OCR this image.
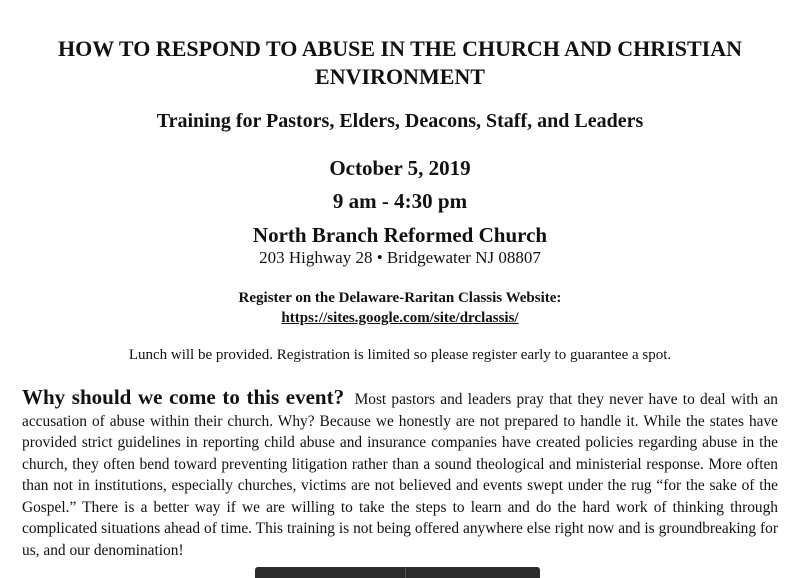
HOW TO RESPOND TO ABUSE IN THE CHURCH AND CHRISTIAN ENVIRONMENT
Training for Pastors, Elders, Deacons, Staff, and Leaders
October 5, 2019
9 am - 4:30 pm
North Branch Reformed Church
203 Highway 28 • Bridgewater NJ 08807
Register on the Delaware-Raritan Classis Website:
https://sites.google.com/site/drclassis/
Lunch will be provided. Registration is limited so please register early to guarantee a spot.
Why should we come to this event? Most pastors and leaders pray that they never have to deal with an accusation of abuse within their church. Why? Because we honestly are not prepared to handle it. While the states have provided strict guidelines in reporting child abuse and insurance companies have created policies regarding abuse in the church, they often bend toward preventing litigation rather than a sound theological and ministerial response. More often than not in institutions, especially churches, victims are not believed and events swept under the rug “for the sake of the Gospel.” There is a better way if we are willing to take the steps to learn and do the hard work of thinking through complicated situations ahead of time. This training is not being offered anywhere else right now and is groundbreaking for us, and our denomination!
